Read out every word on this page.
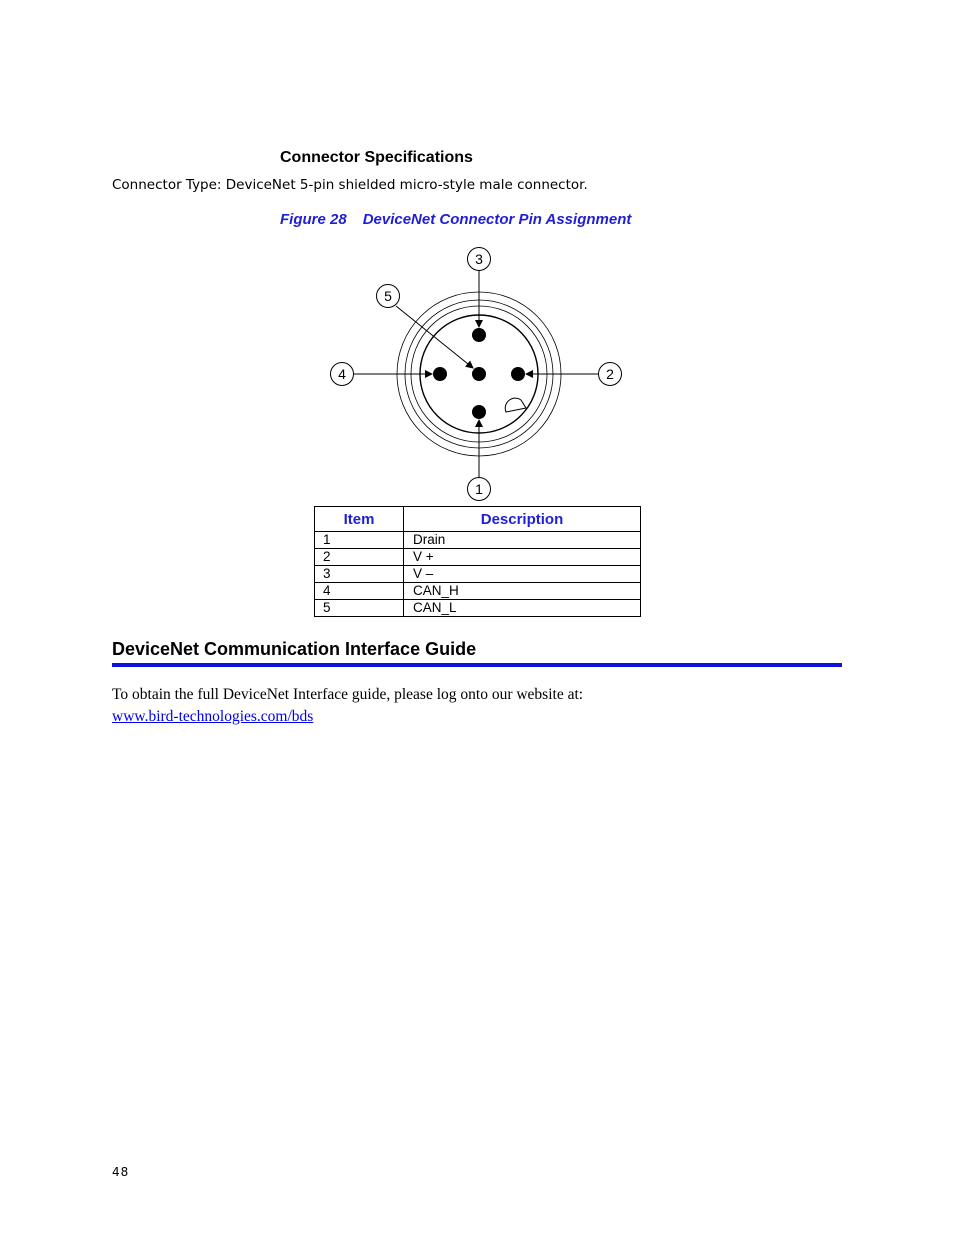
Connector Specifications
Connector Type: DeviceNet 5-pin shielded micro-style male connector.
Figure 28 DeviceNet Connector Pin Assignment
1
2
3
4
5
Item	Description
1	Drain
2	V +
3	V –
4	CAN_H
5	CAN_L
DeviceNet Communication Interface Guide
To obtain the full DeviceNet Interface guide, please log onto our website at:
www.bird-technologies.com/bds
48
